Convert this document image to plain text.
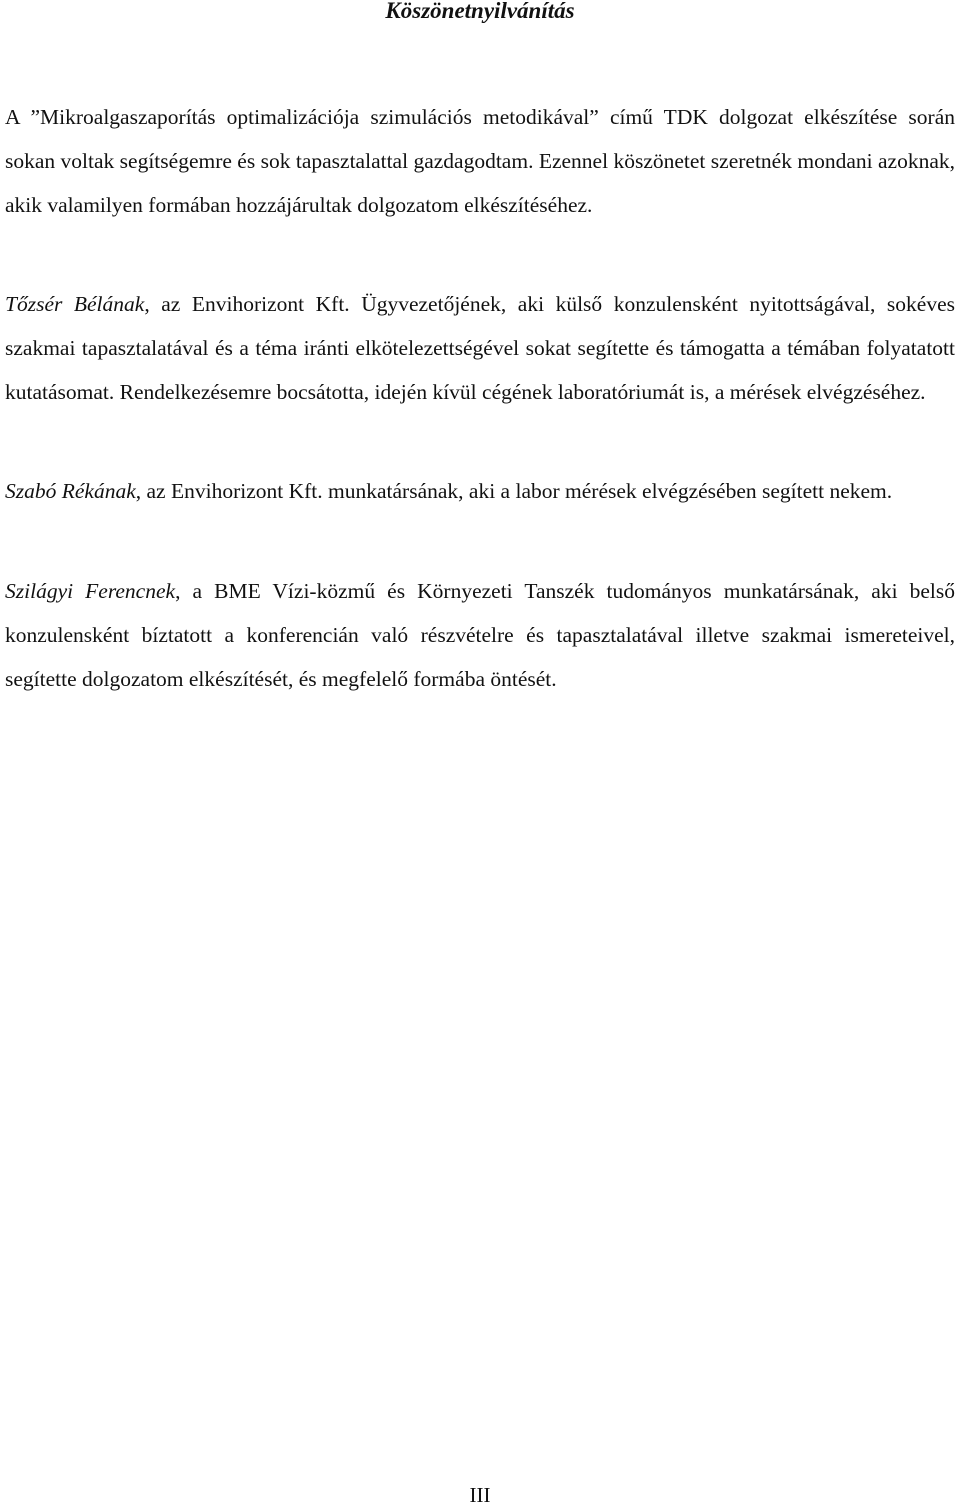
Köszönetnyilvánítás

A ”Mikroalgaszaporítás optimalizációja szimulációs metodikával” című TDK dolgozat elkészítése során sokan voltak segítségemre és sok tapasztalattal gazdagodtam. Ezennel köszönetet szeretnék mondani azoknak, akik valamilyen formában hozzájárultak dolgozatom elkészítéséhez.

Tőzsér Bélának, az Envihorizont Kft. Ügyvezetőjének, aki külső konzulensként nyitottságával, sokéves szakmai tapasztalatával és a téma iránti elkötelezettségével sokat segítette és támogatta a témában folyatatott kutatásomat. Rendelkezésemre bocsátotta, idején kívül cégének laboratóriumát is, a mérések elvégzéséhez.

Szabó Rékának, az Envihorizont Kft. munkatársának, aki a labor mérések elvégzésében segített nekem.

Szilágyi Ferencnek, a BME Vízi-közmű és Környezeti Tanszék tudományos munkatársának, aki belső konzulensként bíztatott a konferencián való részvételre és tapasztalatával illetve szakmai ismereteivel, segítette dolgozatom elkészítését, és megfelelő formába öntését.

III
